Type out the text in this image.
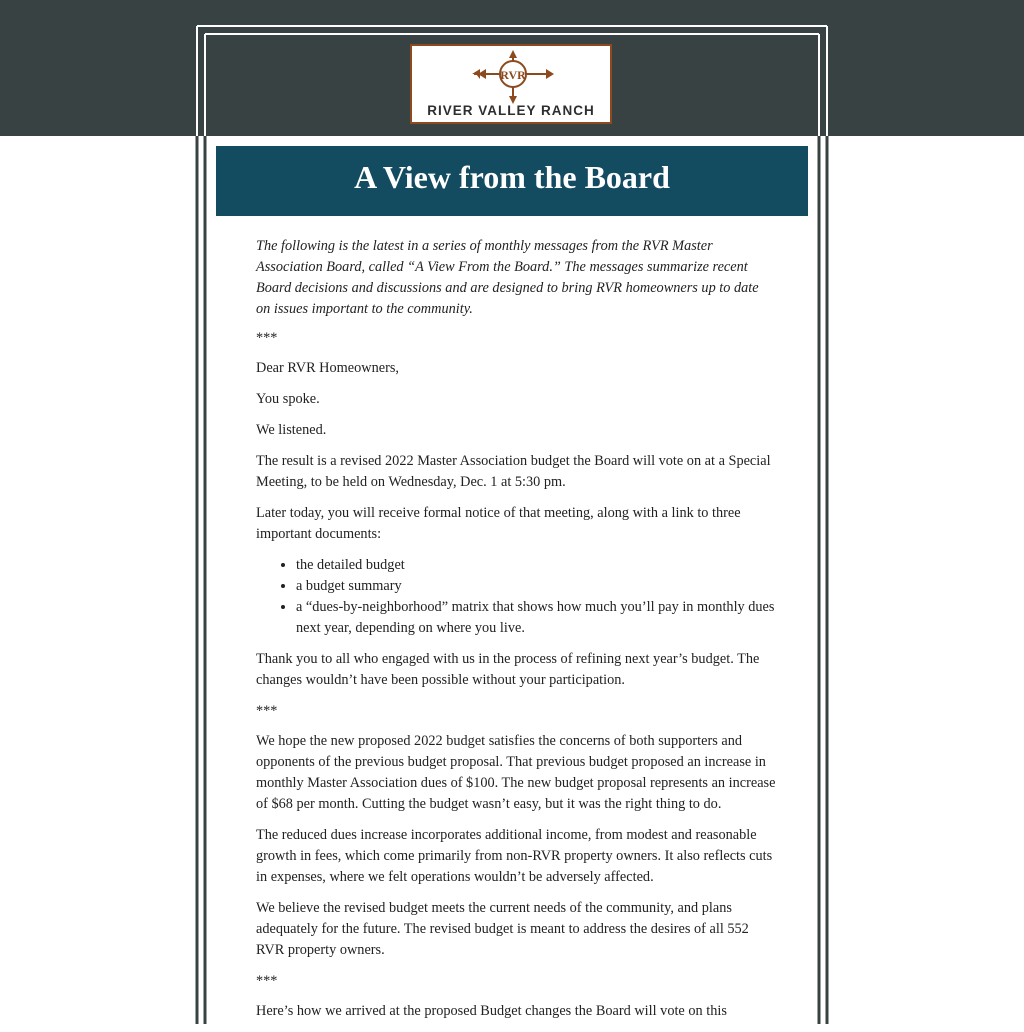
RVR
RIVER VALLEY RANCH
A View from the Board

The following is the latest in a series of monthly messages from the RVR Master Association Board, called “A View From the Board.” The messages summarize recent Board decisions and discussions and are designed to bring RVR homeowners up to date on issues important to the community.

***

Dear RVR Homeowners,

You spoke.

We listened.

The result is a revised 2022 Master Association budget the Board will vote on at a Special Meeting, to be held on Wednesday, Dec. 1 at 5:30 pm.

Later today, you will receive formal notice of that meeting, along with a link to three important documents:

• the detailed budget
• a budget summary
• a “dues-by-neighborhood” matrix that shows how much you’ll pay in monthly dues next year, depending on where you live.

Thank you to all who engaged with us in the process of refining next year’s budget. The changes wouldn’t have been possible without your participation.

***

We hope the new proposed 2022 budget satisfies the concerns of both supporters and opponents of the previous budget proposal. That previous budget proposed an increase in monthly Master Association dues of $100. The new budget proposal represents an increase of $68 per month. Cutting the budget wasn’t easy, but it was the right thing to do.

The reduced dues increase incorporates additional income, from modest and reasonable growth in fees, which come primarily from non-RVR property owners. It also reflects cuts in expenses, where we felt operations wouldn’t be adversely affected.

We believe the revised budget meets the current needs of the community, and plans adequately for the future. The revised budget is meant to address the desires of all 552 RVR property owners.

***

Here’s how we arrived at the proposed Budget changes the Board will vote on this
